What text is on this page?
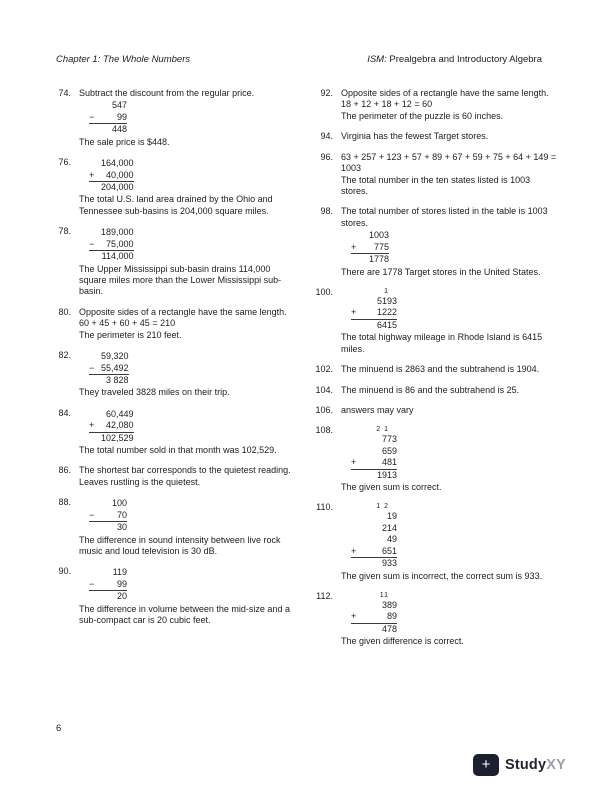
Chapter 1: The Whole Numbers	ISM: Prealgebra and Introductory Algebra
74. Subtract the discount from the regular price.
	547
−	99
	448
The sale price is $448.
76.
		164,000
+	40,000
	204,000
The total U.S. land area drained by the Ohio and Tennessee sub-basins is 204,000 square miles.
78.
		189,000
−	75,000
	114,000
The Upper Mississippi sub-basin drains 114,000 square miles more than the Lower Mississippi sub-basin.
80. Opposite sides of a rectangle have the same length.
60 + 45 + 60 + 45 = 210
The perimeter is 210 feet.
82.
		59,320
−	55,492
	3 828
They traveled 3828 miles on their trip.
84.
		60,449
+	42,080
	102,529
The total number sold in that month was 102,529.
86. The shortest bar corresponds to the quietest reading. Leaves rustling is the quietest.
88.
		100
−	70
	30
The difference in sound intensity between live rock music and loud television is 30 dB.
90.
		119
−	99
	20
The difference in volume between the mid-size and a sub-compact car is 20 cubic feet.
92. Opposite sides of a rectangle have the same length.
18 + 12 + 18 + 12 = 60
The perimeter of the puzzle is 60 inches.
94. Virginia has the fewest Target stores.
96. 63 + 257 + 123 + 57 + 89 + 67 + 59 + 75 + 64 + 149 = 1003
The total number in the ten states listed is 1003 stores.
98. The total number of stores listed in the table is 1003 stores.
	1003
+	775
	1778
There are 1778 Target stores in the United States.
100.
		1
	5193
+	1222
	6415
The total highway mileage in Rhode Island is 6415 miles.
102. The minuend is 2863 and the subtrahend is 1904.
104. The minuend is 86 and the subtrahend is 25.
106. answers may vary
108.
		2 1
	773
	659
+	481
	1913
The given sum is correct.
110.
		1 2
	19
	214
	49
+	651
	933
The given sum is incorrect, the correct sum is 933.
112.
		11
	389
+	89
	478
The given difference is correct.
6
+ StudyXY
